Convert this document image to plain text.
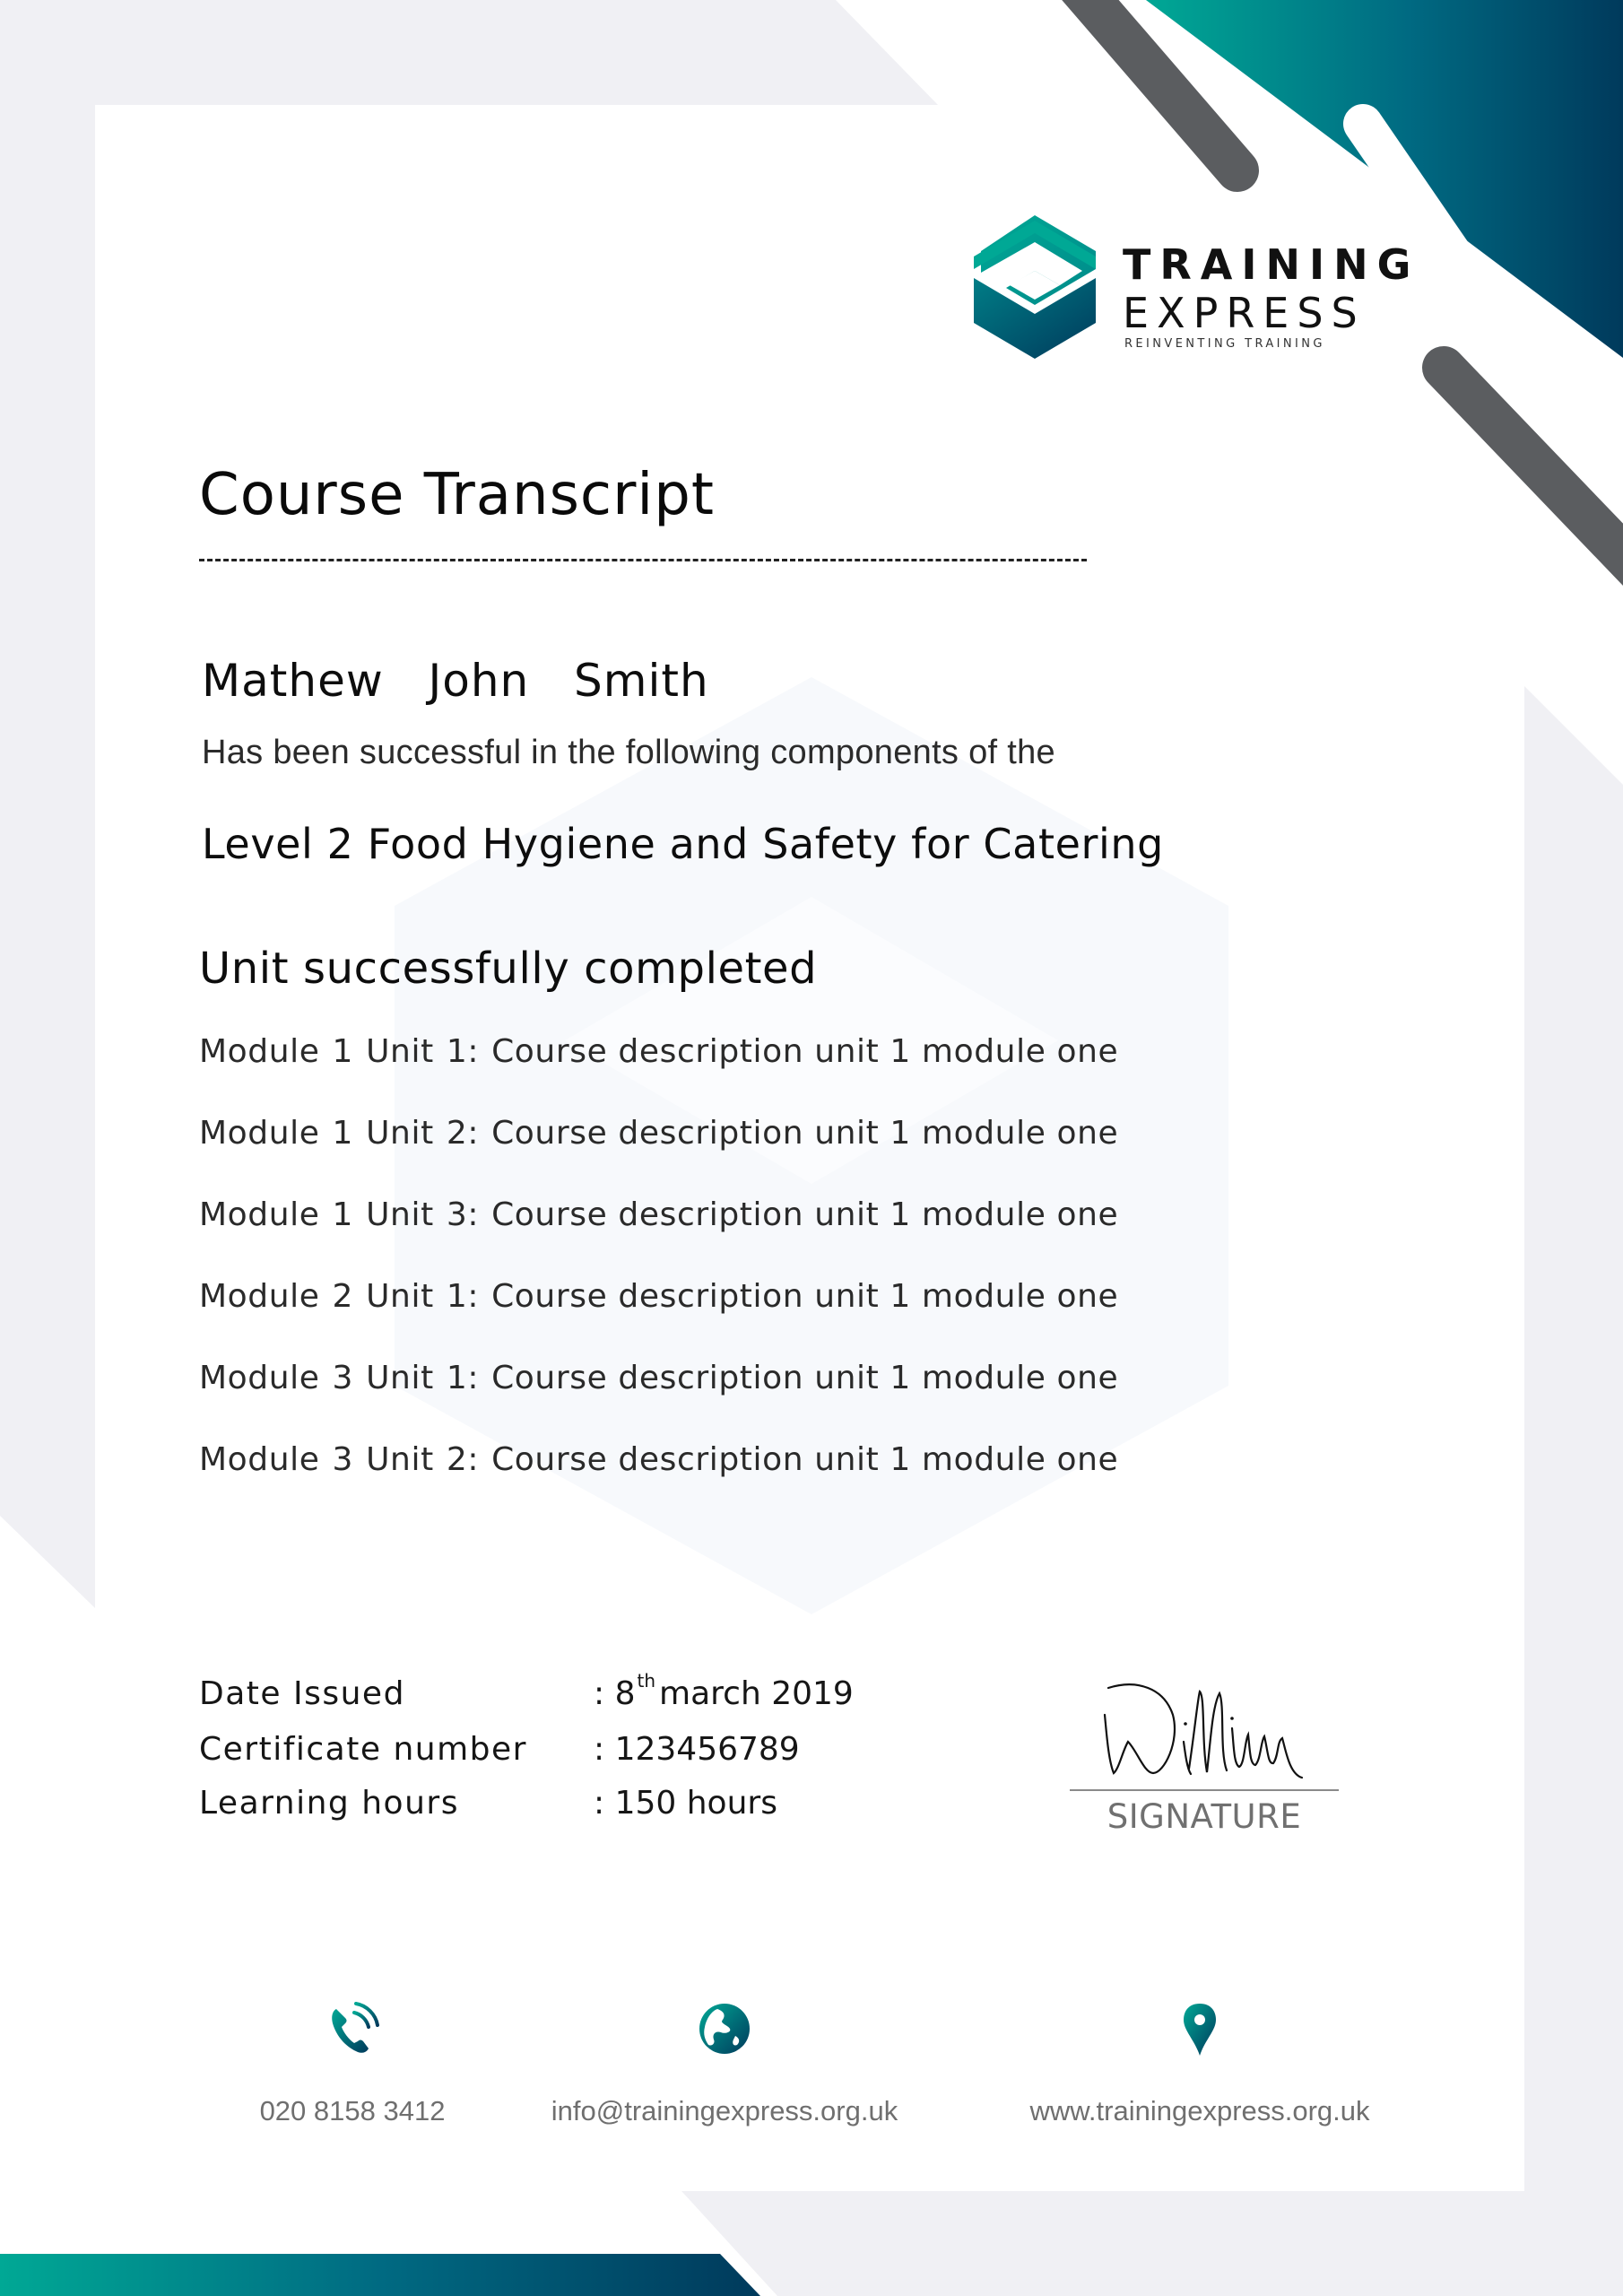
TRAINING
EXPRESS
REINVENTING TRAINING
Course Transcript
Mathew  John  Smith
Has been successful in the following components of the
Level 2 Food Hygiene and Safety for Catering
Unit successfully completed
Module 1 Unit 1: Course description unit 1 module one
Module 1 Unit 2: Course description unit 1 module one
Module 1 Unit 3: Course description unit 1 module one
Module 2 Unit 1: Course description unit 1 module one
Module 3 Unit 1: Course description unit 1 module one
Module 3 Unit 2: Course description unit 1 module one
Date Issued	: 8 $^{th}$ march 2019
Certificate number : 123456789
Learning hours	: 150 hours	SIGNATURE
020 8158 3412	info@trainingexpress.org.uk	www.trainingexpress.org.uk
